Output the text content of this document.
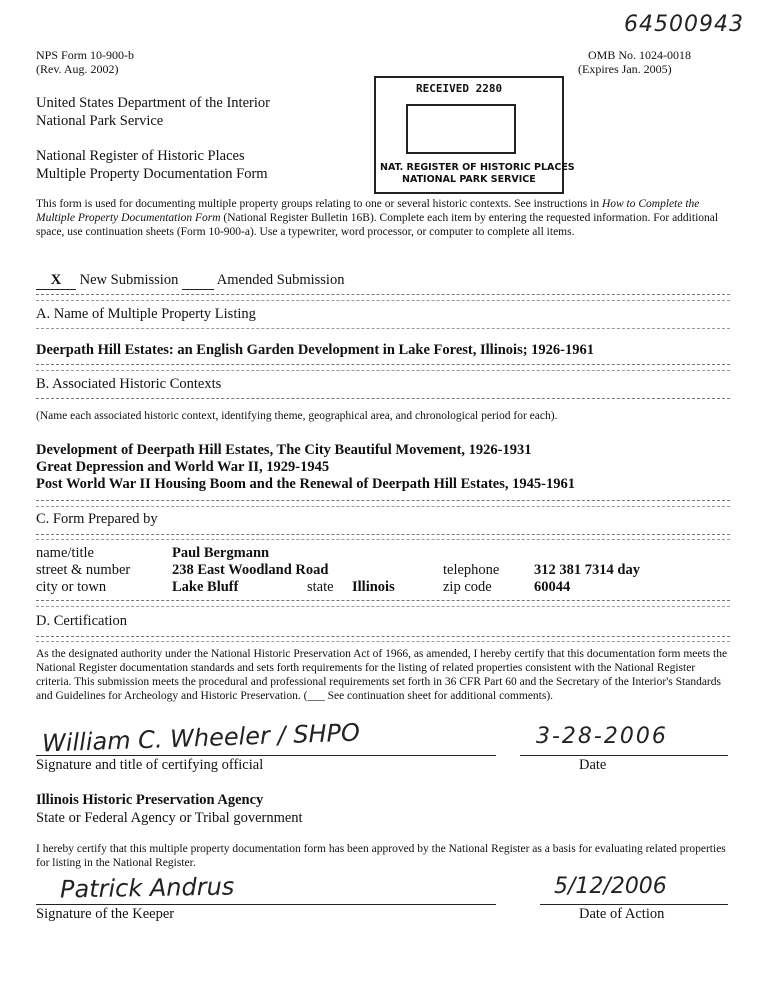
64500943
NPS Form 10-900-b
(Rev. Aug. 2002)
OMB No. 1024-0018
(Expires Jan. 2005)
United States Department of the Interior
National Park Service
National Register of Historic Places
Multiple Property Documentation Form
RECEIVED 2280
NAT. REGISTER OF HISTORIC PLACES
NATIONAL PARK SERVICE
This form is used for documenting multiple property groups relating to one or several historic contexts. See instructions in How to Complete the Multiple Property Documentation Form (National Register Bulletin 16B). Complete each item by entering the requested information. For additional space, use continuation sheets (Form 10-900-a). Use a typewriter, word processor, or computer to complete all items.
X New Submission	Amended Submission
A. Name of Multiple Property Listing
Deerpath Hill Estates: an English Garden Development in Lake Forest, Illinois; 1926-1961
B. Associated Historic Contexts
(Name each associated historic context, identifying theme, geographical area, and chronological period for each).
Development of Deerpath Hill Estates, The City Beautiful Movement, 1926-1931
Great Depression and World War II, 1929-1945
Post World War II Housing Boom and the Renewal of Deerpath Hill Estates, 1945-1961
C. Form Prepared by
name/title	Paul Bergmann
street & number	238 East Woodland Road	telephone 312 381 7314 day
city or town	Lake Bluff	state Illinois	zip code	60044
D. Certification
As the designated authority under the National Historic Preservation Act of 1966, as amended, I hereby certify that this documentation form meets the National Register documentation standards and sets forth requirements for the listing of related properties consistent with the National Register criteria. This submission meets the procedural and professional requirements set forth in 36 CFR Part 60 and the Secretary of the Interior's Standards and Guidelines for Archeology and Historic Preservation. (___ See continuation sheet for additional comments).
William C. Wheeler / SHPO	3-28-2006
Signature and title of certifying official	Date
Illinois Historic Preservation Agency
State or Federal Agency or Tribal government
I hereby certify that this multiple property documentation form has been approved by the National Register as a basis for evaluating related properties for listing in the National Register.
Patrick Andrus	5/12/2006
Signature of the Keeper	Date of Action
